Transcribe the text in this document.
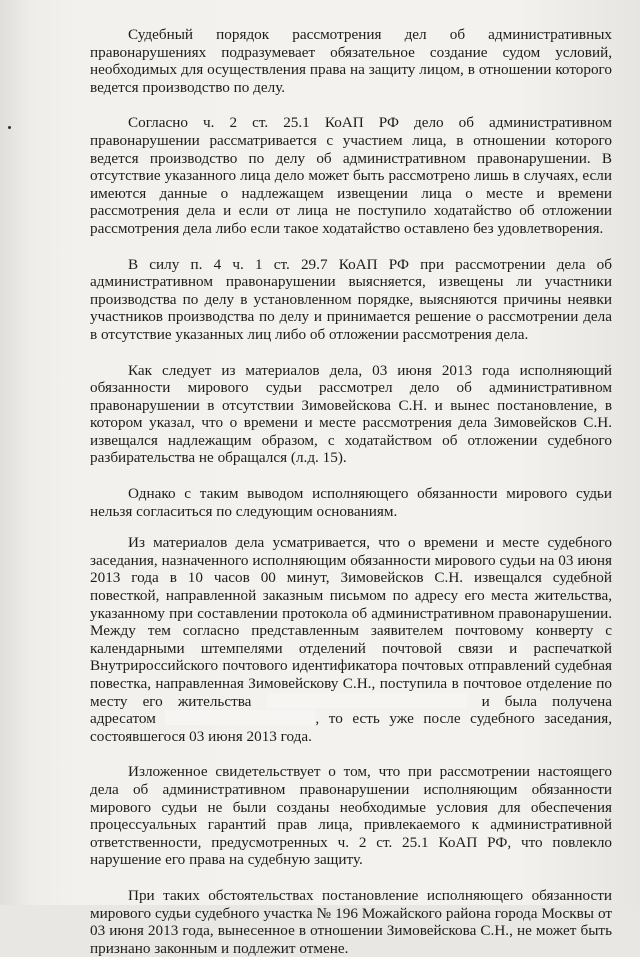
Судебный порядок рассмотрения дел об административных правонарушениях подразумевает обязательное создание судом условий, необходимых для осуществления права на защиту лицом, в отношении которого ведется производство по делу.

Согласно ч. 2 ст. 25.1 КоАП РФ дело об административном правонарушении рассматривается с участием лица, в отношении которого ведется производство по делу об административном правонарушении. В отсутствие указанного лица дело может быть рассмотрено лишь в случаях, если имеются данные о надлежащем извещении лица о месте и времени рассмотрения дела и если от лица не поступило ходатайство об отложении рассмотрения дела либо если такое ходатайство оставлено без удовлетворения.

В силу п. 4 ч. 1 ст. 29.7 КоАП РФ при рассмотрении дела об административном правонарушении выясняется, извещены ли участники производства по делу в установленном порядке, выясняются причины неявки участников производства по делу и принимается решение о рассмотрении дела в отсутствие указанных лиц либо об отложении рассмотрения дела.

Как следует из материалов дела, 03 июня 2013 года исполняющий обязанности мирового судьи рассмотрел дело об административном правонарушении в отсутствии Зимовейскова С.Н. и вынес постановление, в котором указал, что о времени и месте рассмотрения дела Зимовейсков С.Н. извещался надлежащим образом, с ходатайством об отложении судебного разбирательства не обращался (л.д. 15).

Однако с таким выводом исполняющего обязанности мирового судьи нельзя согласиться по следующим основаниям.

Из материалов дела усматривается, что о времени и месте судебного заседания, назначенного исполняющим обязанности мирового судьи на 03 июня 2013 года в 10 часов 00 минут, Зимовейсков С.Н. извещался судебной повесткой, направленной заказным письмом по адресу его места жительства, указанному при составлении протокола об административном правонарушении. Между тем согласно представленным заявителем почтовому конверту с календарными штемпелями отделений почтовой связи и распечаткой Внутрироссийского почтового идентификатора почтовых отправлений судебная повестка, направленная Зимовейскову С.Н., поступила в почтовое отделение по месту его жительства	и была получена адресатом	, то есть уже после судебного заседания, состоявшегося 03 июня 2013 года.

Изложенное свидетельствует о том, что при рассмотрении настоящего дела об административном правонарушении исполняющим обязанности мирового судьи не были созданы необходимые условия для обеспечения процессуальных гарантий прав лица, привлекаемого к административной ответственности, предусмотренных ч. 2 ст. 25.1 КоАП РФ, что повлекло нарушение его права на судебную защиту.

При таких обстоятельствах постановление исполняющего обязанности мирового судьи судебного участка № 196 Можайского района города Москвы от 03 июня 2013 года, вынесенное в отношении Зимовейскова С.Н., не может быть признано законным и подлежит отмене.
